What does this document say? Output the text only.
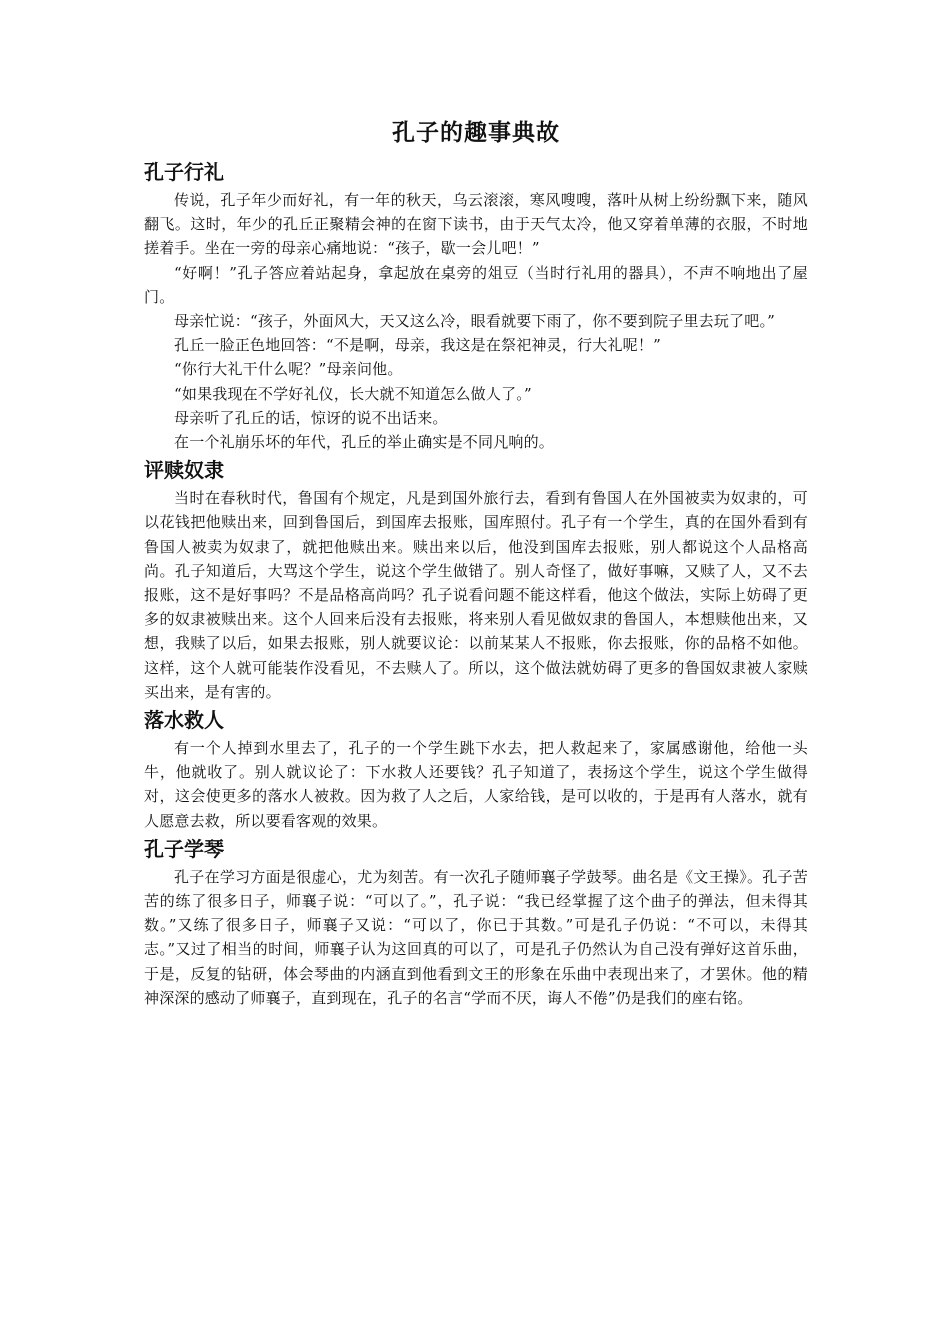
孔子的趣事典故
孔子行礼

传说，孔子年少而好礼，有一年的秋天，乌云滚滚，寒风嗖嗖，落叶从树上纷纷飘下来，随风翻飞。这时，年少的孔丘正聚精会神的在窗下读书，由于天气太冷，他又穿着单薄的衣服，不时地搓着手。坐在一旁的母亲心痛地说：“孩子，歇一会儿吧！”

“好啊！”孔子答应着站起身，拿起放在桌旁的俎豆（当时行礼用的器具），不声不响地出了屋门。

母亲忙说：“孩子，外面风大，天又这么冷，眼看就要下雨了，你不要到院子里去玩了吧。”

孔丘一脸正色地回答：“不是啊，母亲，我这是在祭祀神灵，行大礼呢！”

“你行大礼干什么呢？”母亲问他。

“如果我现在不学好礼仪，长大就不知道怎么做人了。”

母亲听了孔丘的话，惊讶的说不出话来。

在一个礼崩乐坏的年代，孔丘的举止确实是不同凡响的。

评赎奴隶

当时在春秋时代，鲁国有个规定，凡是到国外旅行去，看到有鲁国人在外国被卖为奴隶的，可以花钱把他赎出来，回到鲁国后，到国库去报账，国库照付。孔子有一个学生，真的在国外看到有鲁国人被卖为奴隶了，就把他赎出来。赎出来以后，他没到国库去报账，别人都说这个人品格高尚。孔子知道后，大骂这个学生，说这个学生做错了。别人奇怪了，做好事嘛，又赎了人，又不去报账，这不是好事吗？不是品格高尚吗？孔子说看问题不能这样看，他这个做法，实际上妨碍了更多的奴隶被赎出来。这个人回来后没有去报账，将来别人看见做奴隶的鲁国人，本想赎他出来，又想，我赎了以后，如果去报账，别人就要议论：以前某某人不报账，你去报账，你的品格不如他。这样，这个人就可能装作没看见，不去赎人了。所以，这个做法就妨碍了更多的鲁国奴隶被人家赎买出来，是有害的。

落水救人

有一个人掉到水里去了，孔子的一个学生跳下水去，把人救起来了，家属感谢他，给他一头牛，他就收了。别人就议论了：下水救人还要钱？孔子知道了，表扬这个学生，说这个学生做得对，这会使更多的落水人被救。因为救了人之后，人家给钱，是可以收的，于是再有人落水，就有人愿意去救，所以要看客观的效果。

孔子学琴

孔子在学习方面是很虚心，尤为刻苦。有一次孔子随师襄子学鼓琴。曲名是《文王操》。孔子苦苦的练了很多日子，师襄子说：“可以了。”，孔子说：“我已经掌握了这个曲子的弹法，但未得其数。”又练了很多日子，师襄子又说：“可以了，你已于其数。”可是孔子仍说：“不可以，未得其志。”又过了相当的时间，师襄子认为这回真的可以了，可是孔子仍然认为自己没有弹好这首乐曲，于是，反复的钻研，体会琴曲的内涵直到他看到文王的形象在乐曲中表现出来了，才罢休。他的精神深深的感动了师襄子，直到现在，孔子的名言“学而不厌，诲人不倦”仍是我们的座右铭。
